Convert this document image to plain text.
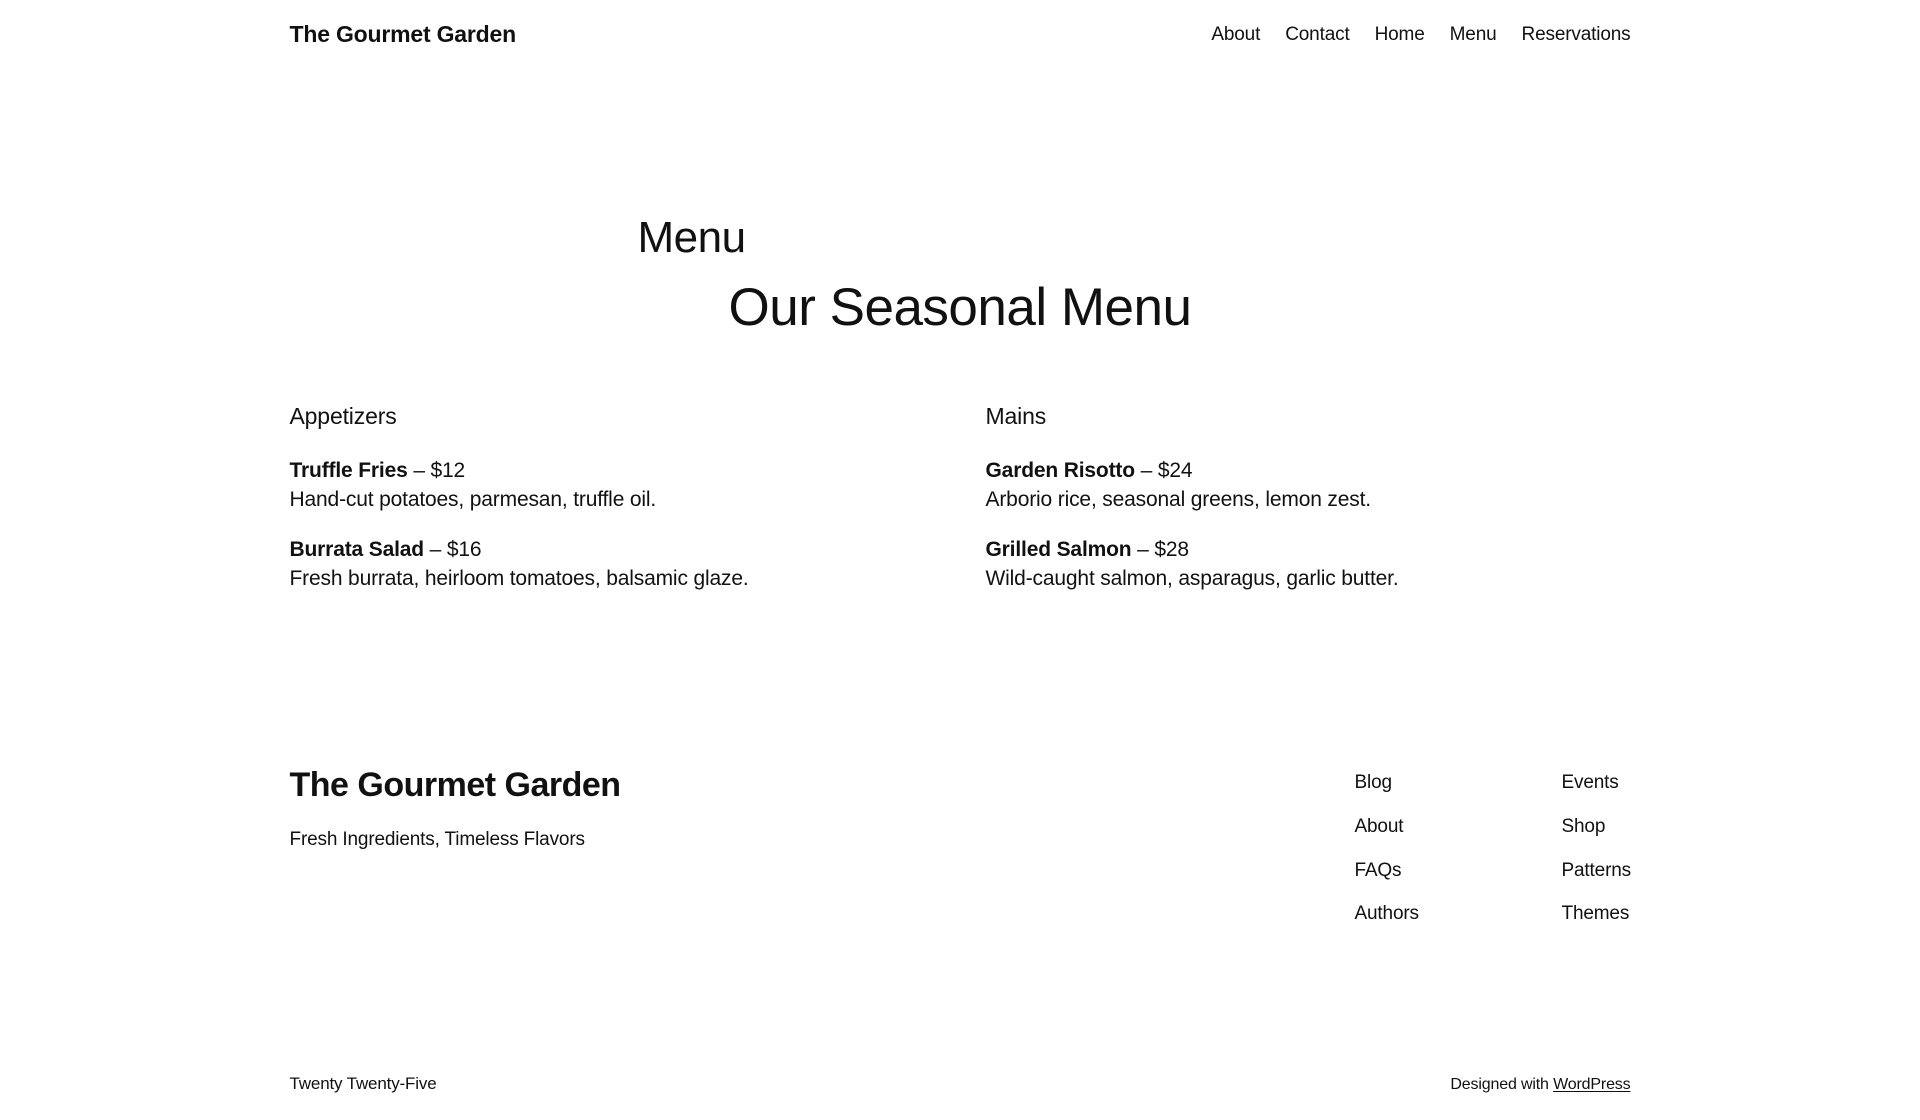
The Gourmet Garden	About Contact Home Menu Reservations
Menu
Our Seasonal Menu
Appetizers

Truffle Fries – $12
Hand-cut potatoes, parmesan, truffle oil.

Burrata Salad – $16
Fresh burrata, heirloom tomatoes, balsamic glaze.

Mains

Garden Risotto – $24
Arborio rice, seasonal greens, lemon zest.

Grilled Salmon – $28
Wild-caught salmon, asparagus, garlic butter.

The Gourmet Garden

Fresh Ingredients, Timeless Flavors

Blog
About
FAQs
Authors
Events
Shop
Patterns
Themes
Twenty Twenty-Five	Designed with WordPress
